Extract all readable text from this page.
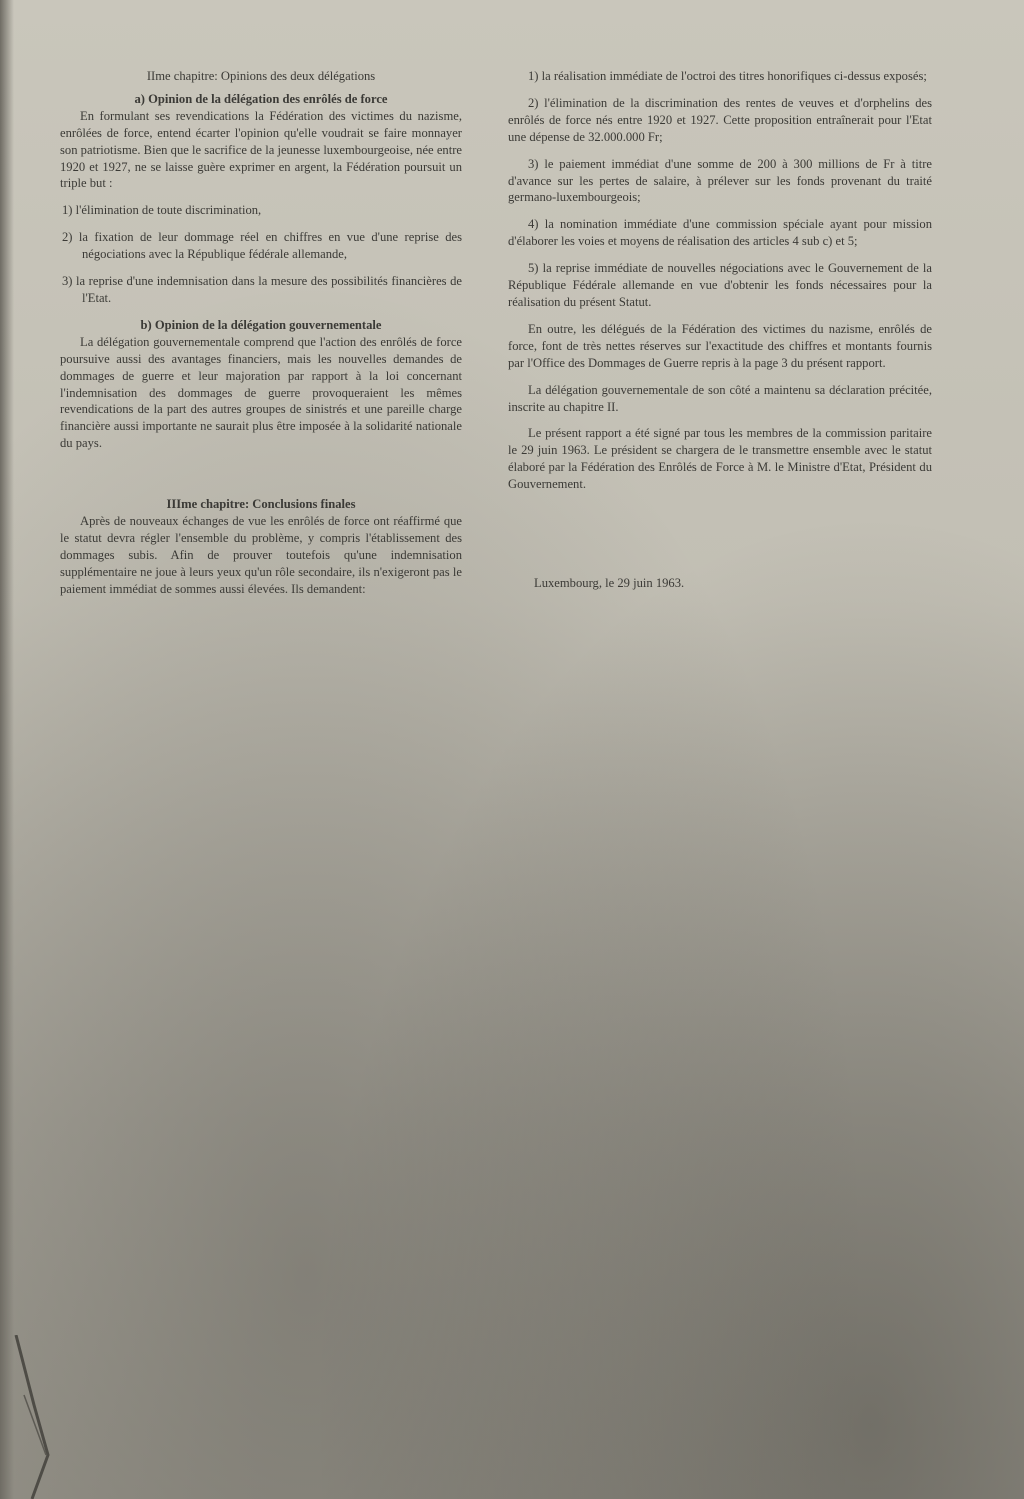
IIme chapitre: Opinions des deux délégations

a) Opinion de la délégation des enrôlés de force

En formulant ses revendications la Fédération des victimes du nazisme, enrôlées de force, entend écarter l'opinion qu'elle voudrait se faire monnayer son patriotisme. Bien que le sacrifice de la jeunesse luxembourgeoise, née entre 1920 et 1927, ne se laisse guère exprimer en argent, la Fédération poursuit un triple but :

1) l'élimination de toute discrimination,

2) la fixation de leur dommage réel en chiffres en vue d'une reprise des négociations avec la République fédérale allemande,

3) la reprise d'une indemnisation dans la mesure des possibilités financières de l'Etat.

b) Opinion de la délégation gouvernementale

La délégation gouvernementale comprend que l'action des enrôlés de force poursuive aussi des avantages financiers, mais les nouvelles demandes de dommages de guerre et leur majoration par rapport à la loi concernant l'indemnisation des dommages de guerre provoqueraient les mêmes revendications de la part des autres groupes de sinistrés et une pareille charge financière aussi importante ne saurait plus être imposée à la solidarité nationale du pays.

IIIme chapitre: Conclusions finales

Après de nouveaux échanges de vue les enrôlés de force ont réaffirmé que le statut devra régler l'ensemble du problème, y compris l'établissement des dommages subis. Afin de prouver toutefois qu'une indemnisation supplémentaire ne joue à leurs yeux qu'un rôle secondaire, ils n'exigeront pas le paiement immédiat de sommes aussi élevées. Ils demandent:

1) la réalisation immédiate de l'octroi des titres honorifiques ci-dessus exposés;

2) l'élimination de la discrimination des rentes de veuves et d'orphelins des enrôlés de force nés entre 1920 et 1927. Cette proposition entraînerait pour l'Etat une dépense de 32.000.000 Fr;

3) le paiement immédiat d'une somme de 200 à 300 millions de Fr à titre d'avance sur les pertes de salaire, à prélever sur les fonds provenant du traité germano-luxembourgeois;

4) la nomination immédiate d'une commission spéciale ayant pour mission d'élaborer les voies et moyens de réalisation des articles 4 sub c) et 5;

5) la reprise immédiate de nouvelles négociations avec le Gouvernement de la République Fédérale allemande en vue d'obtenir les fonds nécessaires pour la réalisation du présent Statut.

En outre, les délégués de la Fédération des victimes du nazisme, enrôlés de force, font de très nettes réserves sur l'exactitude des chiffres et montants fournis par l'Office des Dommages de Guerre repris à la page 3 du présent rapport.

La délégation gouvernementale de son côté a maintenu sa déclaration précitée, inscrite au chapitre II.

Le présent rapport a été signé par tous les membres de la commission paritaire le 29 juin 1963. Le président se chargera de le transmettre ensemble avec le statut élaboré par la Fédération des Enrôlés de Force à M. le Ministre d'Etat, Président du Gouvernement.

Luxembourg, le 29 juin 1963.
